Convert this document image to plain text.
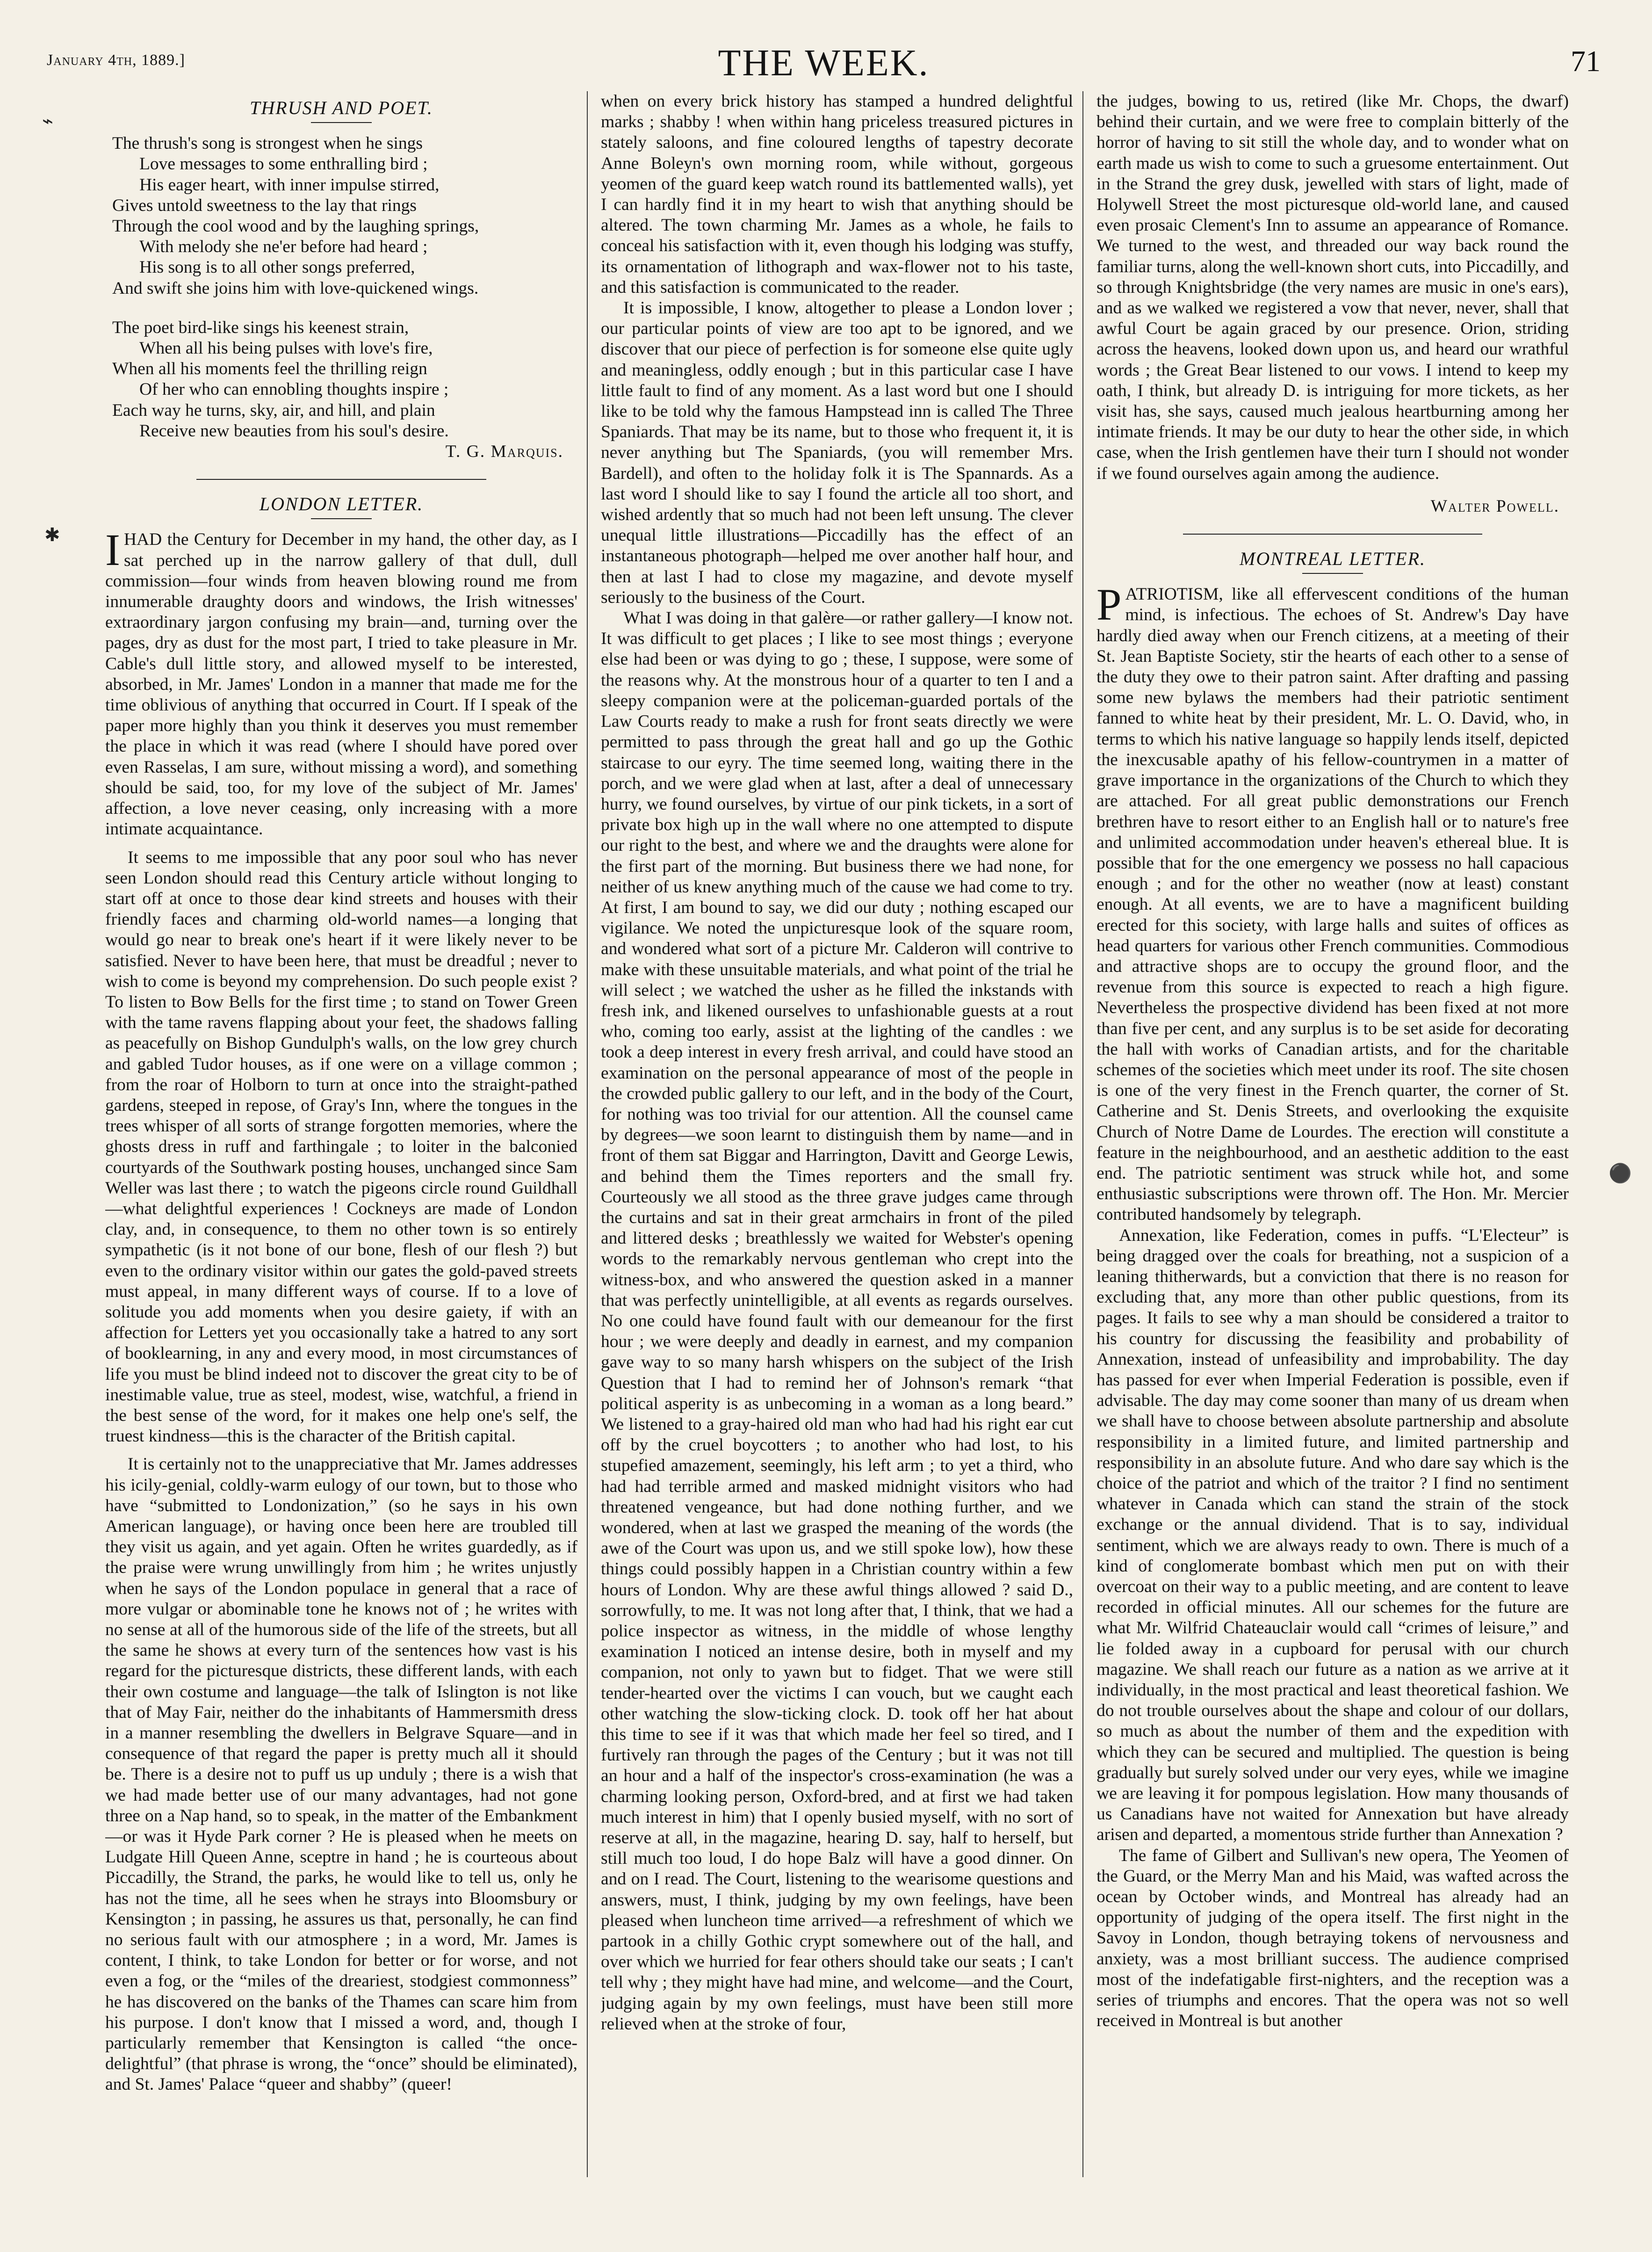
January 4th, 1889.]	THE WEEK.	71
⌁
✱
⚫
THRUSH AND POET.
The thrush's song is strongest when he sings
Love messages to some enthralling bird ;
His eager heart, with inner impulse stirred,
Gives untold sweetness to the lay that rings
Through the cool wood and by the laughing springs,
With melody she ne'er before had heard ;
His song is to all other songs preferred,
And swift she joins him with love-quickened wings.
The poet bird-like sings his keenest strain,
When all his being pulses with love's fire,
When all his moments feel the thrilling reign
Of her who can ennobling thoughts inspire ;
Each way he turns, sky, air, and hill, and plain
Receive new beauties from his soul's desire.
T. G. Marquis.
LONDON LETTER.

IHAD the Century for December in my hand, the other day, as I sat perched up in the narrow gallery of that dull, dull commission—four winds from heaven blowing round me from innumerable draughty doors and windows, the Irish witnesses' extraordinary jargon confusing my brain—and, turning over the pages, dry as dust for the most part, I tried to take pleasure in Mr. Cable's dull little story, and allowed myself to be interested, absorbed, in Mr. James' London in a manner that made me for the time oblivious of anything that occurred in Court. If I speak of the paper more highly than you think it deserves you must remember the place in which it was read (where I should have pored over even Rasselas, I am sure, without missing a word), and something should be said, too, for my love of the subject of Mr. James' affection, a love never ceasing, only increasing with a more intimate acquaintance.

It seems to me impossible that any poor soul who has never seen London should read this Century article without longing to start off at once to those dear kind streets and houses with their friendly faces and charming old-world names—a longing that would go near to break one's heart if it were likely never to be satisfied. Never to have been here, that must be dreadful ; never to wish to come is beyond my comprehension. Do such people exist ? To listen to Bow Bells for the first time ; to stand on Tower Green with the tame ravens flapping about your feet, the shadows falling as peacefully on Bishop Gundulph's walls, on the low grey church and gabled Tudor houses, as if one were on a village common ; from the roar of Holborn to turn at once into the straight-pathed gardens, steeped in repose, of Gray's Inn, where the tongues in the trees whisper of all sorts of strange forgotten memories, where the ghosts dress in ruff and farthingale ; to loiter in the balconied courtyards of the Southwark posting houses, unchanged since Sam Weller was last there ; to watch the pigeons circle round Guildhall—what delightful experiences ! Cockneys are made of London clay, and, in consequence, to them no other town is so entirely sympathetic (is it not bone of our bone, flesh of our flesh ?) but even to the ordinary visitor within our gates the gold-paved streets must appeal, in many different ways of course. If to a love of solitude you add moments when you desire gaiety, if with an affection for Letters yet you occasionally take a hatred to any sort of booklearning, in any and every mood, in most circumstances of life you must be blind indeed not to discover the great city to be of inestimable value, true as steel, modest, wise, watchful, a friend in the best sense of the word, for it makes one help one's self, the truest kindness—this is the character of the British capital.

It is certainly not to the unappreciative that Mr. James addresses his icily-genial, coldly-warm eulogy of our town, but to those who have “submitted to Londonization,” (so he says in his own American language), or having once been here are troubled till they visit us again, and yet again. Often he writes guardedly, as if the praise were wrung unwillingly from him ; he writes unjustly when he says of the London populace in general that a race of more vulgar or abominable tone he knows not of ; he writes with no sense at all of the humorous side of the life of the streets, but all the same he shows at every turn of the sentences how vast is his regard for the picturesque districts, these different lands, with each their own costume and language—the talk of Islington is not like that of May Fair, neither do the inhabitants of Hammersmith dress in a manner resembling the dwellers in Belgrave Square—and in consequence of that regard the paper is pretty much all it should be. There is a desire not to puff us up unduly ; there is a wish that we had made better use of our many advantages, had not gone three on a Nap hand, so to speak, in the matter of the Embankment—or was it Hyde Park corner ? He is pleased when he meets on Ludgate Hill Queen Anne, sceptre in hand ; he is courteous about Piccadilly, the Strand, the parks, he would like to tell us, only he has not the time, all he sees when he strays into Bloomsbury or Kensington ; in passing, he assures us that, personally, he can find no serious fault with our atmosphere ; in a word, Mr. James is content, I think, to take London for better or for worse, and not even a fog, or the “miles of the dreariest, stodgiest commonness” he has discovered on the banks of the Thames can scare him from his purpose. I don't know that I missed a word, and, though I particularly remember that Kensington is called “the once-delightful” (that phrase is wrong, the “once” should be eliminated), and St. James' Palace “queer and shabby” (queer!

when on every brick history has stamped a hundred delightful marks ; shabby ! when within hang priceless treasured pictures in stately saloons, and fine coloured lengths of tapestry decorate Anne Boleyn's own morning room, while without, gorgeous yeomen of the guard keep watch round its battlemented walls), yet I can hardly find it in my heart to wish that anything should be altered. The town charming Mr. James as a whole, he fails to conceal his satisfaction with it, even though his lodging was stuffy, its ornamentation of lithograph and wax-flower not to his taste, and this satisfaction is communicated to the reader.

It is impossible, I know, altogether to please a London lover ; our particular points of view are too apt to be ignored, and we discover that our piece of perfection is for someone else quite ugly and meaningless, oddly enough ; but in this particular case I have little fault to find of any moment. As a last word but one I should like to be told why the famous Hampstead inn is called The Three Spaniards. That may be its name, but to those who frequent it, it is never anything but The Spaniards, (you will remember Mrs. Bardell), and often to the holiday folk it is The Spannards. As a last word I should like to say I found the article all too short, and wished ardently that so much had not been left unsung. The clever unequal little illustrations—Piccadilly has the effect of an instantaneous photograph—helped me over another half hour, and then at last I had to close my magazine, and devote myself seriously to the business of the Court.

What I was doing in that galère—or rather gallery—I know not. It was difficult to get places ; I like to see most things ; everyone else had been or was dying to go ; these, I suppose, were some of the reasons why. At the monstrous hour of a quarter to ten I and a sleepy companion were at the policeman-guarded portals of the Law Courts ready to make a rush for front seats directly we were permitted to pass through the great hall and go up the Gothic staircase to our eyry. The time seemed long, waiting there in the porch, and we were glad when at last, after a deal of unnecessary hurry, we found ourselves, by virtue of our pink tickets, in a sort of private box high up in the wall where no one attempted to dispute our right to the best, and where we and the draughts were alone for the first part of the morning. But business there we had none, for neither of us knew anything much of the cause we had come to try. At first, I am bound to say, we did our duty ; nothing escaped our vigilance. We noted the unpicturesque look of the square room, and wondered what sort of a picture Mr. Calderon will contrive to make with these unsuitable materials, and what point of the trial he will select ; we watched the usher as he filled the inkstands with fresh ink, and likened ourselves to unfashionable guests at a rout who, coming too early, assist at the lighting of the candles : we took a deep interest in every fresh arrival, and could have stood an examination on the personal appearance of most of the people in the crowded public gallery to our left, and in the body of the Court, for nothing was too trivial for our attention. All the counsel came by degrees—we soon learnt to distinguish them by name—and in front of them sat Biggar and Harrington, Davitt and George Lewis, and behind them the Times reporters and the small fry. Courteously we all stood as the three grave judges came through the curtains and sat in their great armchairs in front of the piled and littered desks ; breathlessly we waited for Webster's opening words to the remarkably nervous gentleman who crept into the witness-box, and who answered the question asked in a manner that was perfectly unintelligible, at all events as regards ourselves. No one could have found fault with our demeanour for the first hour ; we were deeply and deadly in earnest, and my companion gave way to so many harsh whispers on the subject of the Irish Question that I had to remind her of Johnson's remark “that political asperity is as unbecoming in a woman as a long beard.” We listened to a gray-haired old man who had had his right ear cut off by the cruel boycotters ; to another who had lost, to his stupefied amazement, seemingly, his left arm ; to yet a third, who had had terrible armed and masked midnight visitors who had threatened vengeance, but had done nothing further, and we wondered, when at last we grasped the meaning of the words (the awe of the Court was upon us, and we still spoke low), how these things could possibly happen in a Christian country within a few hours of London. Why are these awful things allowed ? said D., sorrowfully, to me. It was not long after that, I think, that we had a police inspector as witness, in the middle of whose lengthy examination I noticed an intense desire, both in myself and my companion, not only to yawn but to fidget. That we were still tender-hearted over the victims I can vouch, but we caught each other watching the slow-ticking clock. D. took off her hat about this time to see if it was that which made her feel so tired, and I furtively ran through the pages of the Century ; but it was not till an hour and a half of the inspector's cross-examination (he was a charming looking person, Oxford-bred, and at first we had taken much interest in him) that I openly busied myself, with no sort of reserve at all, in the magazine, hearing D. say, half to herself, but still much too loud, I do hope Balz will have a good dinner. On and on I read. The Court, listening to the wearisome questions and answers, must, I think, judging by my own feelings, have been pleased when luncheon time arrived—a refreshment of which we partook in a chilly Gothic crypt somewhere out of the hall, and over which we hurried for fear others should take our seats ; I can't tell why ; they might have had mine, and welcome—and the Court, judging again by my own feelings, must have been still more relieved when at the stroke of four,

the judges, bowing to us, retired (like Mr. Chops, the dwarf) behind their curtain, and we were free to complain bitterly of the horror of having to sit still the whole day, and to wonder what on earth made us wish to come to such a gruesome entertainment. Out in the Strand the grey dusk, jewelled with stars of light, made of Holywell Street the most picturesque old-world lane, and caused even prosaic Clement's Inn to assume an appearance of Romance. We turned to the west, and threaded our way back round the familiar turns, along the well-known short cuts, into Piccadilly, and so through Knightsbridge (the very names are music in one's ears), and as we walked we registered a vow that never, never, shall that awful Court be again graced by our presence. Orion, striding across the heavens, looked down upon us, and heard our wrathful words ; the Great Bear listened to our vows. I intend to keep my oath, I think, but already D. is intriguing for more tickets, as her visit has, she says, caused much jealous heartburning among her intimate friends. It may be our duty to hear the other side, in which case, when the Irish gentlemen have their turn I should not wonder if we found ourselves again among the audience.

Walter Powell.
MONTREAL LETTER.

PATRIOTISM, like all effervescent conditions of the human mind, is infectious. The echoes of St. Andrew's Day have hardly died away when our French citizens, at a meeting of their St. Jean Baptiste Society, stir the hearts of each other to a sense of the duty they owe to their patron saint. After drafting and passing some new bylaws the members had their patriotic sentiment fanned to white heat by their president, Mr. L. O. David, who, in terms to which his native language so happily lends itself, depicted the inexcusable apathy of his fellow-countrymen in a matter of grave importance in the organizations of the Church to which they are attached. For all great public demonstrations our French brethren have to resort either to an English hall or to nature's free and unlimited accommodation under heaven's ethereal blue. It is possible that for the one emergency we possess no hall capacious enough ; and for the other no weather (now at least) constant enough. At all events, we are to have a magnificent building erected for this society, with large halls and suites of offices as head quarters for various other French communities. Commodious and attractive shops are to occupy the ground floor, and the revenue from this source is expected to reach a high figure. Nevertheless the prospective dividend has been fixed at not more than five per cent, and any surplus is to be set aside for decorating the hall with works of Canadian artists, and for the charitable schemes of the societies which meet under its roof. The site chosen is one of the very finest in the French quarter, the corner of St. Catherine and St. Denis Streets, and overlooking the exquisite Church of Notre Dame de Lourdes. The erection will constitute a feature in the neighbourhood, and an aesthetic addition to the east end. The patriotic sentiment was struck while hot, and some enthusiastic subscriptions were thrown off. The Hon. Mr. Mercier contributed handsomely by telegraph.

Annexation, like Federation, comes in puffs. “L'Electeur” is being dragged over the coals for breathing, not a suspicion of a leaning thitherwards, but a conviction that there is no reason for excluding that, any more than other public questions, from its pages. It fails to see why a man should be considered a traitor to his country for discussing the feasibility and probability of Annexation, instead of unfeasibility and improbability. The day has passed for ever when Imperial Federation is possible, even if advisable. The day may come sooner than many of us dream when we shall have to choose between absolute partnership and absolute responsibility in a limited future, and limited partnership and responsibility in an absolute future. And who dare say which is the choice of the patriot and which of the traitor ? I find no sentiment whatever in Canada which can stand the strain of the stock exchange or the annual dividend. That is to say, individual sentiment, which we are always ready to own. There is much of a kind of conglomerate bombast which men put on with their overcoat on their way to a public meeting, and are content to leave recorded in official minutes. All our schemes for the future are what Mr. Wilfrid Chateauclair would call “crimes of leisure,” and lie folded away in a cupboard for perusal with our church magazine. We shall reach our future as a nation as we arrive at it individually, in the most practical and least theoretical fashion. We do not trouble ourselves about the shape and colour of our dollars, so much as about the number of them and the expedition with which they can be secured and multiplied. The question is being gradually but surely solved under our very eyes, while we imagine we are leaving it for pompous legislation. How many thousands of us Canadians have not waited for Annexation but have already arisen and departed, a momentous stride further than Annexation ?

The fame of Gilbert and Sullivan's new opera, The Yeomen of the Guard, or the Merry Man and his Maid, was wafted across the ocean by October winds, and Montreal has already had an opportunity of judging of the opera itself. The first night in the Savoy in London, though betraying tokens of nervousness and anxiety, was a most brilliant success. The audience comprised most of the indefatigable first-nighters, and the reception was a series of triumphs and encores. That the opera was not so well received in Montreal is but another
